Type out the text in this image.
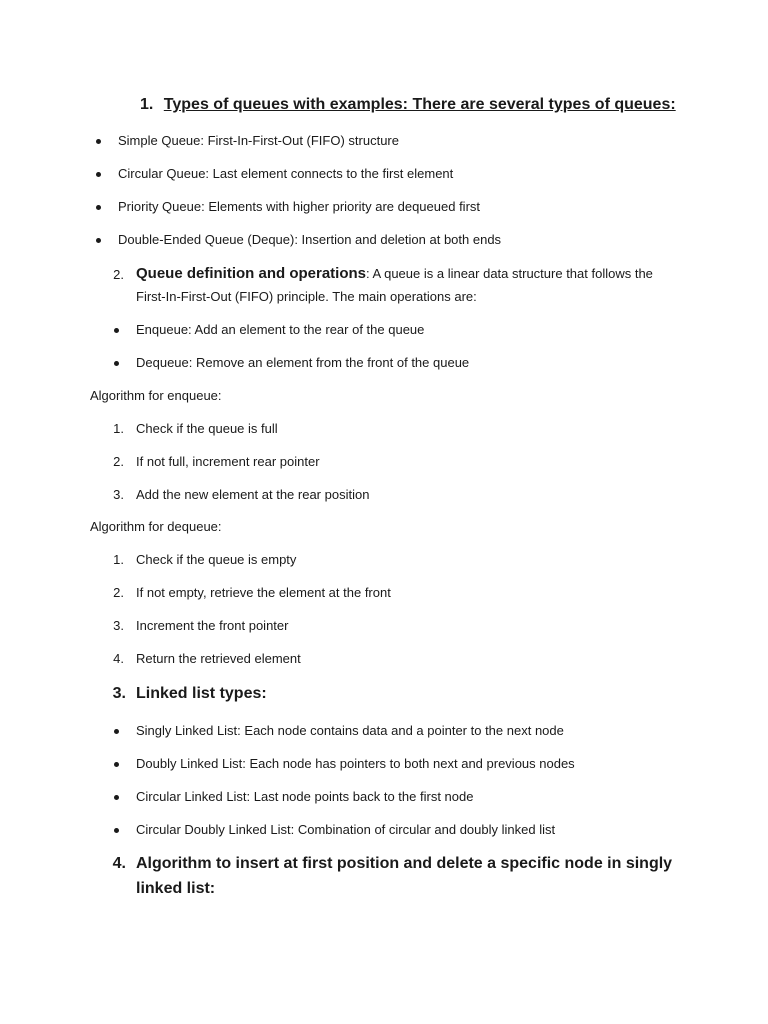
1. Types of queues with examples: There are several types of queues:
Simple Queue: First-In-First-Out (FIFO) structure
Circular Queue: Last element connects to the first element
Priority Queue: Elements with higher priority are dequeued first
Double-Ended Queue (Deque): Insertion and deletion at both ends
2. Queue definition and operations: A queue is a linear data structure that follows the
First-In-First-Out (FIFO) principle. The main operations are:
Enqueue: Add an element to the rear of the queue
Dequeue: Remove an element from the front of the queue
Algorithm for enqueue:
1. Check if the queue is full
2. If not full, increment rear pointer
3. Add the new element at the rear position
Algorithm for dequeue:
1. Check if the queue is empty
2. If not empty, retrieve the element at the front
3. Increment the front pointer
4. Return the retrieved element
3. Linked list types:
Singly Linked List: Each node contains data and a pointer to the next node
Doubly Linked List: Each node has pointers to both next and previous nodes
Circular Linked List: Last node points back to the first node
Circular Doubly Linked List: Combination of circular and doubly linked list
4. Algorithm to insert at first position and delete a specific node in singly
linked list:
